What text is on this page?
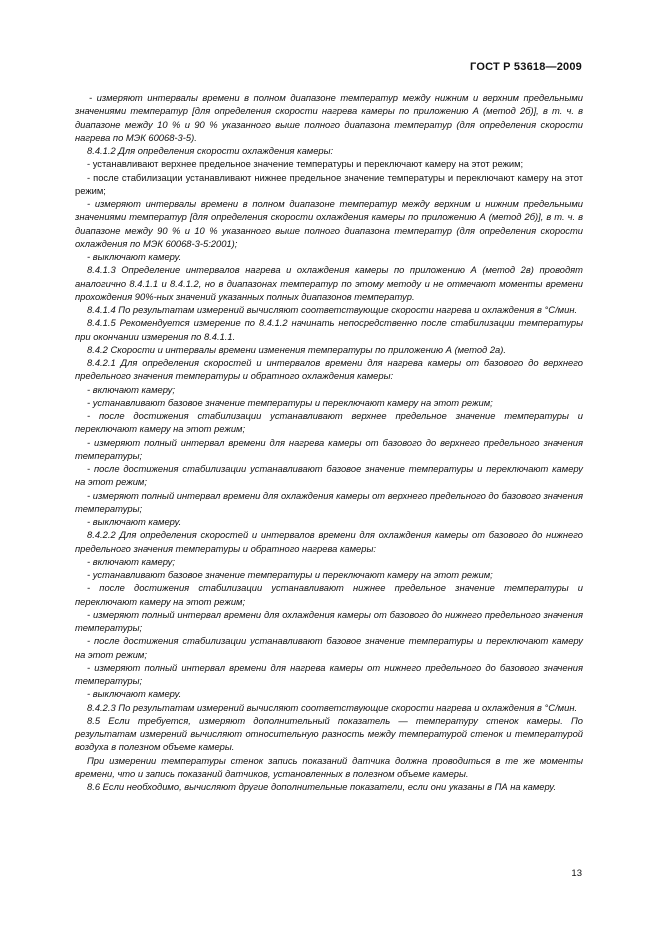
ГОСТ Р 53618—2009

- измеряют интервалы времени в полном диапазоне температур между нижним и верхним предельными значениями температур [для определения скорости нагрева камеры по приложению А (метод 2б)], в т. ч. в диапазоне между 10 % и 90 % указанного выше полного диапазона температур (для определения скорости нагрева по МЭК 60068-3-5).

8.4.1.2 Для определения скорости охлаждения камеры:

- устанавливают верхнее предельное значение температуры и переключают камеру на этот режим;

- после стабилизации устанавливают нижнее предельное значение температуры и переключают камеру на этот режим;

- измеряют интервалы времени в полном диапазоне температур между верхним и нижним предельными значениями температур [для определения скорости охлаждения камеры по приложению А (метод 2б)], в т. ч. в диапазоне между 90 % и 10 % указанного выше полного диапазона температур (для определения скорости охлаждения по МЭК 60068-3-5:2001);

- выключают камеру.

8.4.1.3 Определение интервалов нагрева и охлаждения камеры по приложению А (метод 2в) проводят аналогично 8.4.1.1 и 8.4.1.2, но в диапазонах температур по этому методу и не отмечают моменты времени прохождения 90%-ных значений указанных полных диапазонов температур.

8.4.1.4 По результатам измерений вычисляют соответствующие скорости нагрева и охлаждения в °С/мин.

8.4.1.5 Рекомендуется измерение по 8.4.1.2 начинать непосредственно после стабилизации температуры при окончании измерения по 8.4.1.1.

8.4.2 Скорости и интервалы времени изменения температуры по приложению А (метод 2а).

8.4.2.1 Для определения скоростей и интервалов времени для нагрева камеры от базового до верхнего предельного значения температуры и обратного охлаждения камеры:

- включают камеру;

- устанавливают базовое значение температуры и переключают камеру на этот режим;

- после достижения стабилизации устанавливают верхнее предельное значение температуры и переключают камеру на этот режим;

- измеряют полный интервал времени для нагрева камеры от базового до верхнего предельного значения температуры;

- после достижения стабилизации устанавливают базовое значение температуры и переключают камеру на этот режим;

- измеряют полный интервал времени для охлаждения камеры от верхнего предельного до базового значения температуры;

- выключают камеру.

8.4.2.2 Для определения скоростей и интервалов времени для охлаждения камеры от базового до нижнего предельного значения температуры и обратного нагрева камеры:

- включают камеру;

- устанавливают базовое значение температуры и переключают камеру на этот режим;

- после достижения стабилизации устанавливают нижнее предельное значение температуры и переключают камеру на этот режим;

- измеряют полный интервал времени для охлаждения камеры от базового до нижнего предельного значения температуры;

- после достижения стабилизации устанавливают базовое значение температуры и переключают камеру на этот режим;

- измеряют полный интервал времени для нагрева камеры от нижнего предельного до базового значения температуры;

- выключают камеру.

8.4.2.3 По результатам измерений вычисляют соответствующие скорости нагрева и охлаждения в °С/мин.

8.5 Если требуется, измеряют дополнительный показатель — температуру стенок камеры. По результатам измерений вычисляют относительную разность между температурой стенок и температурой воздуха в полезном объеме камеры.

При измерении температуры стенок запись показаний датчика должна проводиться в те же моменты времени, что и запись показаний датчиков, установленных в полезном объеме камеры.

8.6 Если необходимо, вычисляют другие дополнительные показатели, если они указаны в ПА на камеру.

13
